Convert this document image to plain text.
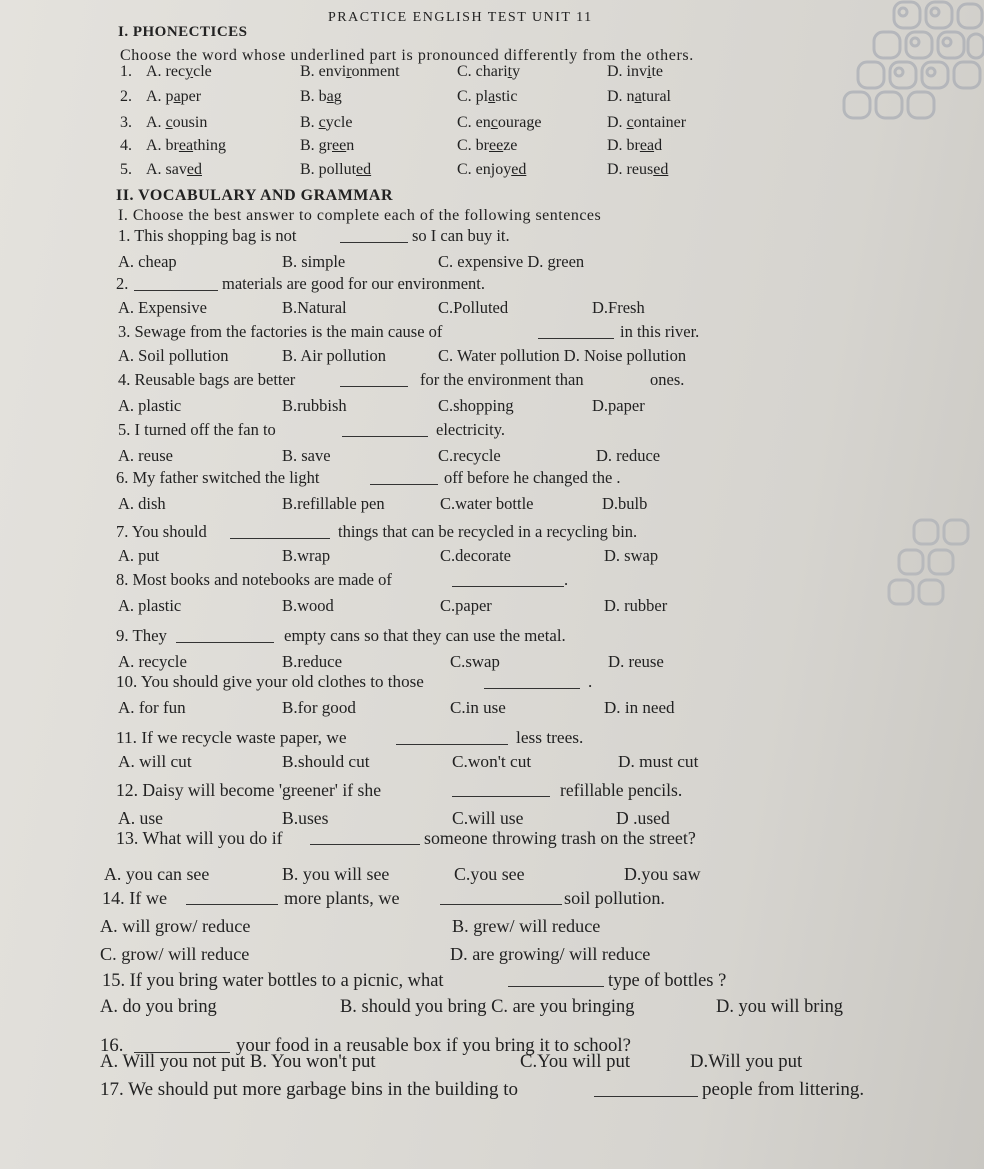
PRACTICE ENGLISH TEST UNIT 11
I. PHONECTICES
Choose the word whose underlined part is pronounced differently from the others.
1. A. recycle	B. environment	C. charity	D. invite
2. A. paper	B. bag	C. plastic	D. natural
3. A. cousin	B. cycle	C. encourage	D. container
4. A. breathing	B. green	C. breeze	D. bread
5. A. saved	B. polluted	C. enjoyed	D. reused
II. VOCABULARY AND GRAMMAR
I. Choose the best answer to complete each of the following sentences
1. This shopping bag is not	so I can buy it.
A. cheap	B. simple	C. expensive D. green
2.	materials are good for our environment.
A. Expensive	B.Natural	C.Polluted	D.Fresh
3. Sewage from the factories is the main cause of	in this river.
A. Soil pollution	B. Air pollution	C. Water pollution D. Noise pollution
4. Reusable bags are better	for the environment than	ones.
A. plastic	B.rubbish	C.shopping	D.paper
5. I turned off the fan to	electricity.
A. reuse	B. save	C.recycle	D. reduce
6. My father switched the light	off before he changed the .
A. dish	B.refillable pen	C.water bottle	D.bulb
7. You should	things that can be recycled in a recycling bin.
A. put	B.wrap	C.decorate	D. swap
8. Most books and notebooks are made of	.
A. plastic	B.wood	C.paper	D. rubber
9. They	empty cans so that they can use the metal.
A. recycle	B.reduce	C.swap	D. reuse
10. You should give your old clothes to those	.
A. for fun	B.for good	C.in use	D. in need
11. If we recycle waste paper, we	less trees.
A. will cut	B.should cut	C.won't cut	D. must cut
12. Daisy will become 'greener' if she	refillable pencils.
A. use	B.uses	C.will use	D .used
13. What will you do if	someone throwing trash on the street?
A. you can see	B. you will see	C.you see	D.you saw
14. If we	more plants, we	soil pollution.
A. will grow/ reduce	B. grew/ will reduce
C. grow/ will reduce	D. are growing/ will reduce
15. If you bring water bottles to a picnic, what	type of bottles ?
A. do you bring	B. should you bring C. are you bringing	D. you will bring
16.	your food in a reusable box if you bring it to school?
A. Will you not put B. You won't put	C.You will put	D.Will you put
17. We should put more garbage bins in the building to	people from littering.
